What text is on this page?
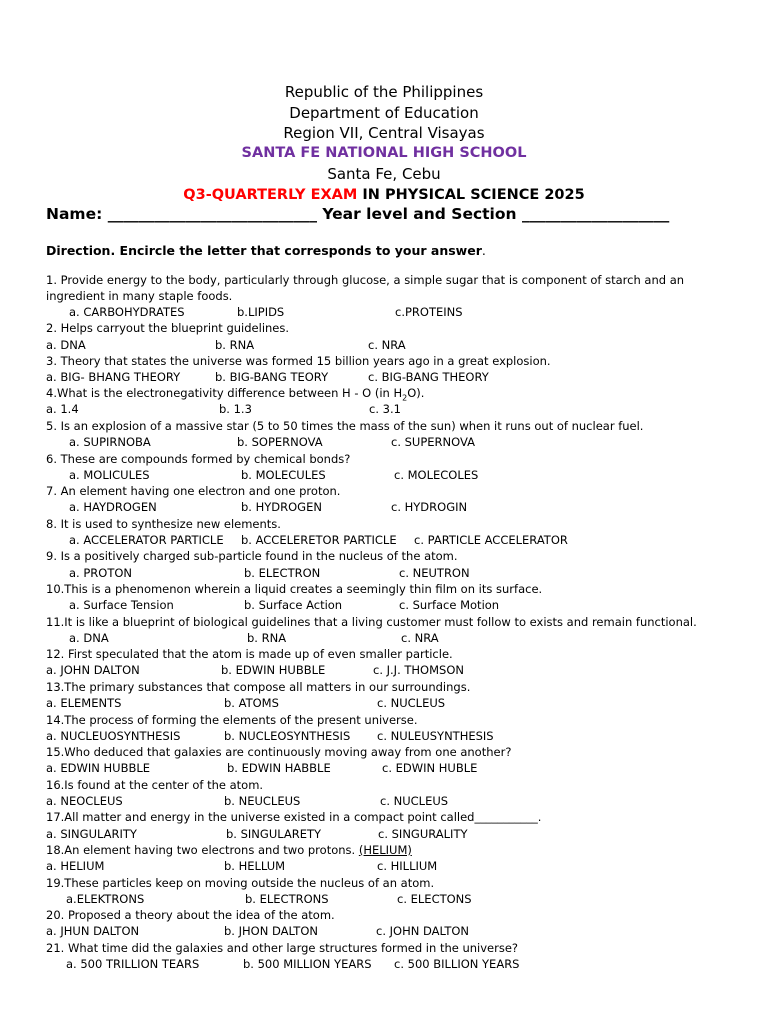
Republic of the Philippines
Department of Education
Region VII, Central Visayas
SANTA FE NATIONAL HIGH SCHOOL
Santa Fe, Cebu
Q3-QUARTERLY EXAM IN PHYSICAL SCIENCE 2025
Name: ___________________________ Year level and Section ___________________
Direction. Encircle the letter that corresponds to your answer.
1. Provide energy to the body, particularly through glucose, a simple sugar that is component of starch and an
ingredient in many staple foods.
a. CARBOHYDRATES	b.LIPIDS	c.PROTEINS
2. Helps carryout the blueprint guidelines.
a. DNA	b. RNA	c. NRA
3. Theory that states the universe was formed 15 billion years ago in a great explosion.
a. BIG- BHANG THEORY	b. BIG-BANG TEORY	c. BIG-BANG THEORY
4.What is the electronegativity difference between H - O (in $H_2O$).
a. 1.4	b. 1.3	c. 3.1
5. Is an explosion of a massive star (5 to 50 times the mass of the sun) when it runs out of nuclear fuel.
a. SUPIRNOBA	b. SOPERNOVA	c. SUPERNOVA
6. These are compounds formed by chemical bonds?
a. MOLICULES	b. MOLECULES	c. MOLECOLES
7. An element having one electron and one proton.
a. HAYDROGEN	b. HYDROGEN	c. HYDROGIN
8. It is used to synthesize new elements.
a. ACCELERATOR PARTICLE b. ACCELERETOR PARTICLE c. PARTICLE ACCELERATOR
9. Is a positively charged sub-particle found in the nucleus of the atom.
a. PROTON	b. ELECTRON	c. NEUTRON
10.This is a phenomenon wherein a liquid creates a seemingly thin film on its surface.
a. Surface Tension	b. Surface Action	c. Surface Motion
11.It is like a blueprint of biological guidelines that a living customer must follow to exists and remain functional.
a. DNA	b. RNA	c. NRA
12. First speculated that the atom is made up of even smaller particle.
a. JOHN DALTON	b. EDWIN HUBBLE	c. J.J. THOMSON
13.The primary substances that compose all matters in our surroundings.
a. ELEMENTS	b. ATOMS	c. NUCLEUS
14.The process of forming the elements of the present universe.
a. NUCLEUOSYNTHESIS	b. NUCLEOSYNTHESIS c. NULEUSYNTHESIS
15.Who deduced that galaxies are continuously moving away from one another?
a. EDWIN HUBBLE	b. EDWIN HABBLE	c. EDWIN HUBLE
16.Is found at the center of the atom.
a. NEOCLEUS	b. NEUCLEUS	c. NUCLEUS
17.All matter and energy in the universe existed in a compact point called___________.
a. SINGULARITY	b. SINGULARETY	c. SINGURALITY
18.An element having two electrons and two protons. (HELIUM)
a. HELIUM	b. HELLUM	c. HILLIUM
19.These particles keep on moving outside the nucleus of an atom.
a.ELEKTRONS	b. ELECTRONS	c. ELECTONS
20. Proposed a theory about the idea of the atom.
a. JHUN DALTON	b. JHON DALTON	c. JOHN DALTON
21. What time did the galaxies and other large structures formed in the universe?
a. 500 TRILLION TEARS	b. 500 MILLION YEARS c. 500 BILLION YEARS
